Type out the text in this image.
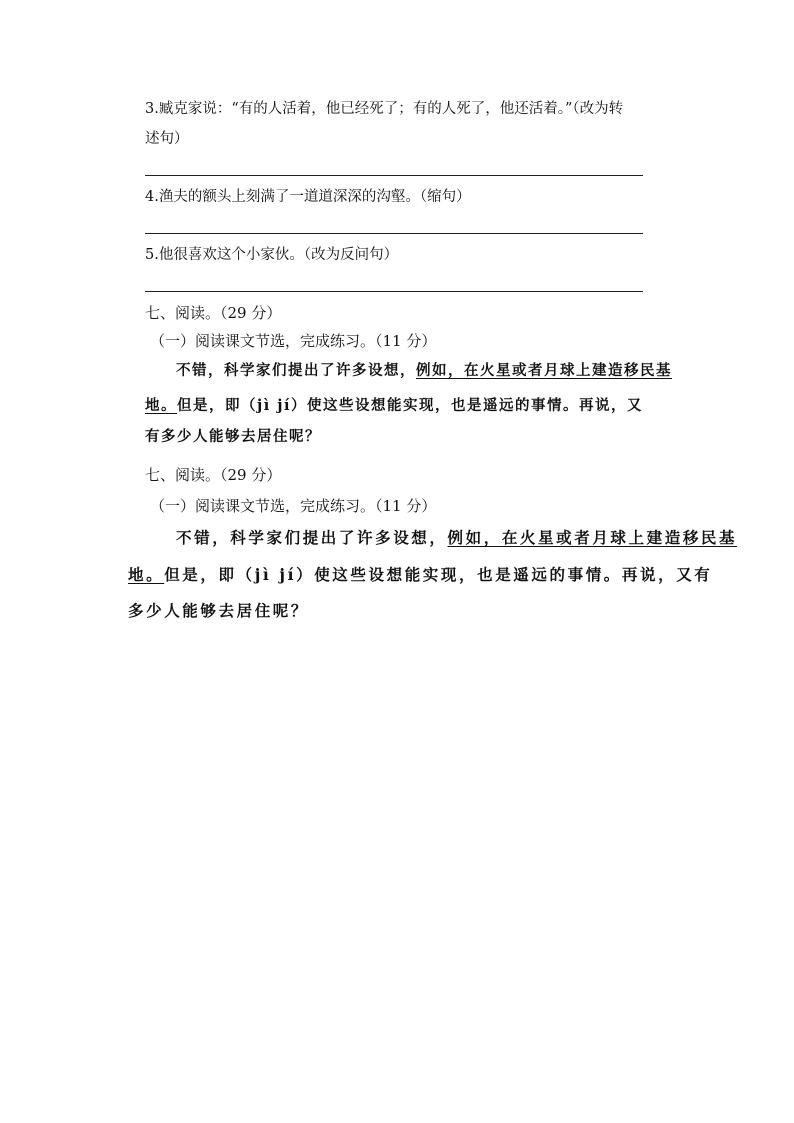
3.臧克家说：“有的人活着，他已经死了；有的人死了，他还活着。”（改为转
述句）
4.渔夫的额头上刻满了一道道深深的沟壑。（缩句）
5.他很喜欢这个小家伙。（改为反问句）
七、阅读。（29 分）
（一）阅读课文节选，完成练习。（11 分）
不错，科学家们提出了许多设想，例如，在火星或者月球上建造移民基
地。但是，即（jì jí）使这些设想能实现，也是遥远的事情。再说，又
有多少人能够去居住呢？
七、阅读。（29 分）
（一）阅读课文节选，完成练习。（11 分）
不错，科学家们提出了许多设想，例如，在火星或者月球上建造移民基
地。但是，即（jì jí）使这些设想能实现，也是遥远的事情。再说，又有
多少人能够去居住呢？
